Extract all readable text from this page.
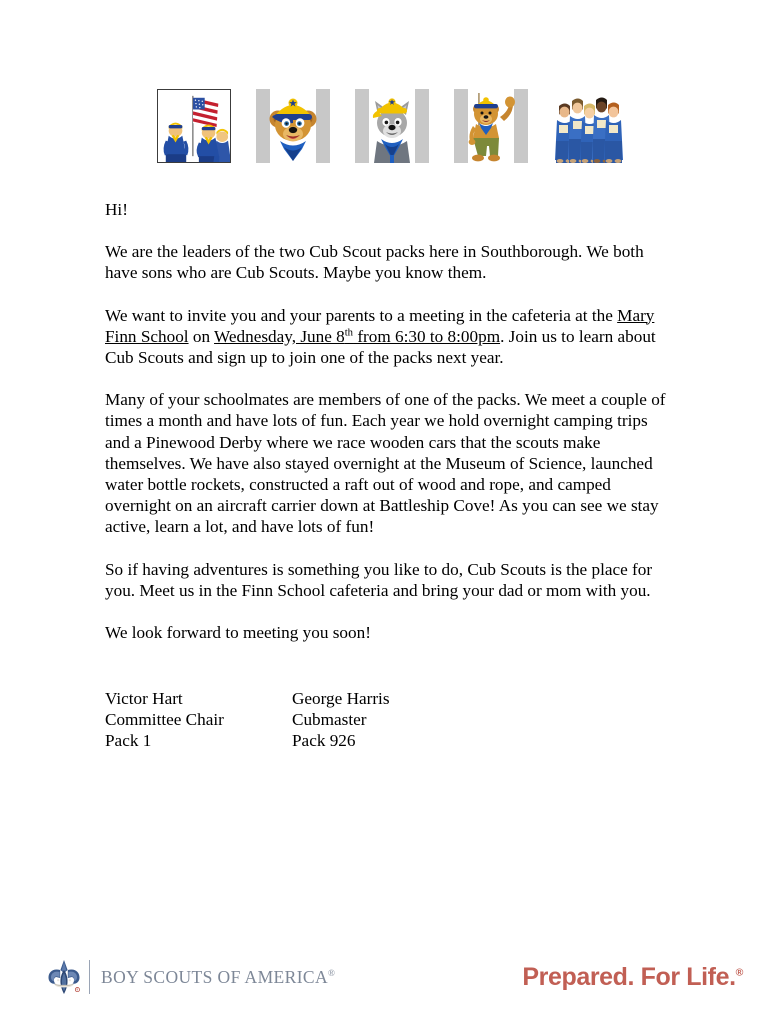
Hi!

We are the leaders of the two Cub Scout packs here in Southborough. We both have sons who are Cub Scouts. Maybe you know them.

We want to invite you and your parents to a meeting in the cafeteria at the Mary Finn School on Wednesday, June 8th from 6:30 to 8:00pm. Join us to learn about Cub Scouts and sign up to join one of the packs next year.

Many of your schoolmates are members of one of the packs. We meet a couple of times a month and have lots of fun. Each year we hold overnight camping trips and a Pinewood Derby where we race wooden cars that the scouts make themselves. We have also stayed overnight at the Museum of Science, launched water bottle rockets, constructed a raft out of wood and rope, and camped overnight on an aircraft carrier down at Battleship Cove! As you can see we stay active, learn a lot, and have lots of fun!

So if having adventures is something you like to do, Cub Scouts is the place for you. Meet us in the Finn School cafeteria and bring your dad or mom with you.

We look forward to meeting you soon!

Victor Hart
Committee Chair
Pack 1
George Harris
Cubmaster
Pack 926
R
BOY SCOUTS OF AMERICA®	Prepared. For Life.®
